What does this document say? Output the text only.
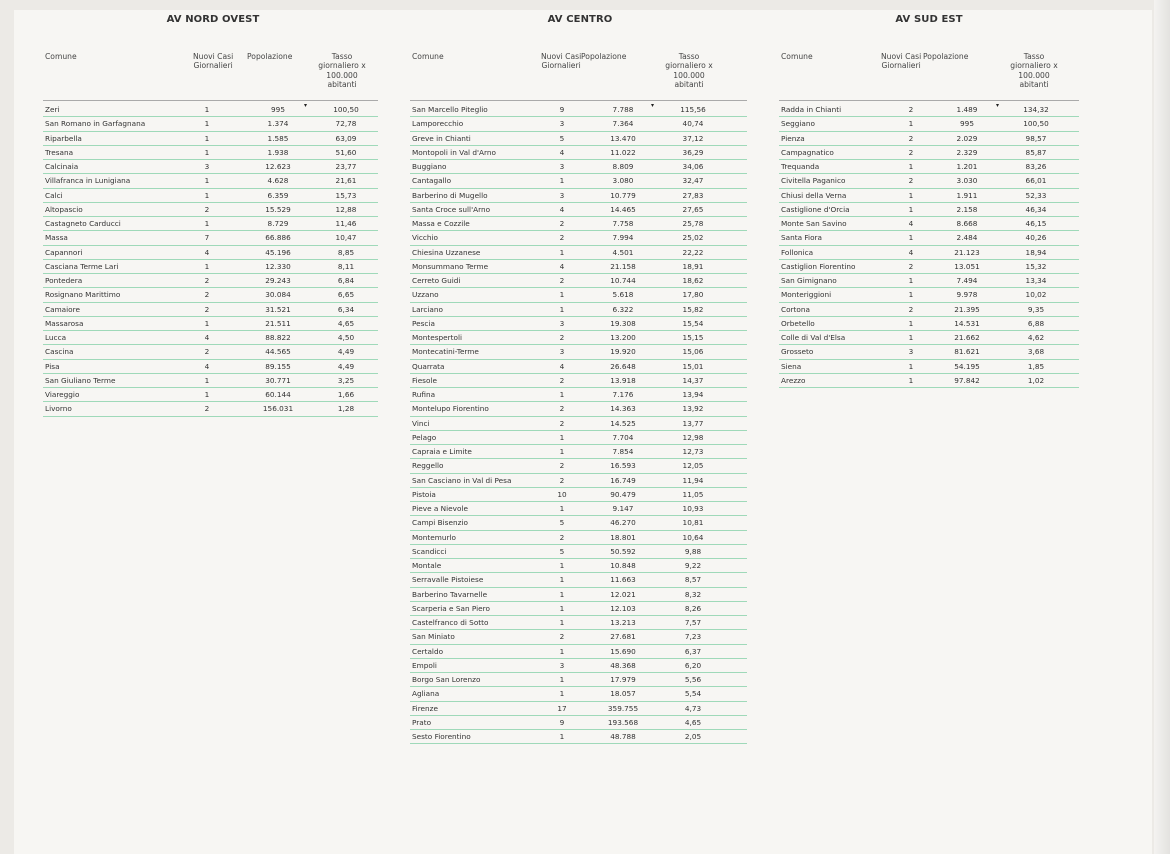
AV NORD OVEST
Comune	Nuovi Casi
Giornalieri
Popolazione	Tasso
giornaliero x
100.000
abitanti
▾
Zeri	1	995	100,50
San Romano in Garfagnana	1	1.374	72,78
Riparbella	1	1.585	63,09
Tresana	1	1.938	51,60
Calcinaia	3	12.623	23,77
Villafranca in Lunigiana	1	4.628	21,61
Calci	1	6.359	15,73
Altopascio	2	15.529	12,88
Castagneto Carducci	1	8.729	11,46
Massa	7	66.886	10,47
Capannori	4	45.196	8,85
Casciana Terme Lari	1	12.330	8,11
Pontedera	2	29.243	6,84
Rosignano Marittimo	2	30.084	6,65
Camaiore	2	31.521	6,34
Massarosa	1	21.511	4,65
Lucca	4	88.822	4,50
Cascina	2	44.565	4,49
Pisa	4	89.155	4,49
San Giuliano Terme	1	30.771	3,25
Viareggio	1	60.144	1,66
Livorno	2	156.031	1,28
AV CENTRO
Comune	Nuovi Casi
Giornalieri
Popolazione	Tasso
giornaliero x
100.000
abitanti
▾
San Marcello Piteglio	9	7.788	115,56
Lamporecchio	3	7.364	40,74
Greve in Chianti	5	13.470	37,12
Montopoli in Val d'Arno	4	11.022	36,29
Buggiano	3	8.809	34,06
Cantagallo	1	3.080	32,47
Barberino di Mugello	3	10.779	27,83
Santa Croce sull'Arno	4	14.465	27,65
Massa e Cozzile	2	7.758	25,78
Vicchio	2	7.994	25,02
Chiesina Uzzanese	1	4.501	22,22
Monsummano Terme	4	21.158	18,91
Cerreto Guidi	2	10.744	18,62
Uzzano	1	5.618	17,80
Larciano	1	6.322	15,82
Pescia	3	19.308	15,54
Montespertoli	2	13.200	15,15
Montecatini-Terme	3	19.920	15,06
Quarrata	4	26.648	15,01
Fiesole	2	13.918	14,37
Rufina	1	7.176	13,94
Montelupo Fiorentino	2	14.363	13,92
Vinci	2	14.525	13,77
Pelago	1	7.704	12,98
Capraia e Limite	1	7.854	12,73
Reggello	2	16.593	12,05
San Casciano in Val di Pesa	2	16.749	11,94
Pistoia	10	90.479	11,05
Pieve a Nievole	1	9.147	10,93
Campi Bisenzio	5	46.270	10,81
Montemurlo	2	18.801	10,64
Scandicci	5	50.592	9,88
Montale	1	10.848	9,22
Serravalle Pistoiese	1	11.663	8,57
Barberino Tavarnelle	1	12.021	8,32
Scarperia e San Piero	1	12.103	8,26
Castelfranco di Sotto	1	13.213	7,57
San Miniato	2	27.681	7,23
Certaldo	1	15.690	6,37
Empoli	3	48.368	6,20
Borgo San Lorenzo	1	17.979	5,56
Agliana	1	18.057	5,54
Firenze	17	359.755	4,73
Prato	9	193.568	4,65
Sesto Fiorentino	1	48.788	2,05
AV SUD EST
Comune	Nuovi Casi
Giornalieri
Popolazione	Tasso
giornaliero x
100.000
abitanti
▾
Radda in Chianti	2	1.489	134,32
Seggiano	1	995	100,50
Pienza	2	2.029	98,57
Campagnatico	2	2.329	85,87
Trequanda	1	1.201	83,26
Civitella Paganico	2	3.030	66,01
Chiusi della Verna	1	1.911	52,33
Castiglione d'Orcia	1	2.158	46,34
Monte San Savino	4	8.668	46,15
Santa Fiora	1	2.484	40,26
Follonica	4	21.123	18,94
Castiglion Fiorentino	2	13.051	15,32
San Gimignano	1	7.494	13,34
Monteriggioni	1	9.978	10,02
Cortona	2	21.395	9,35
Orbetello	1	14.531	6,88
Colle di Val d'Elsa	1	21.662	4,62
Grosseto	3	81.621	3,68
Siena	1	54.195	1,85
Arezzo	1	97.842	1,02
